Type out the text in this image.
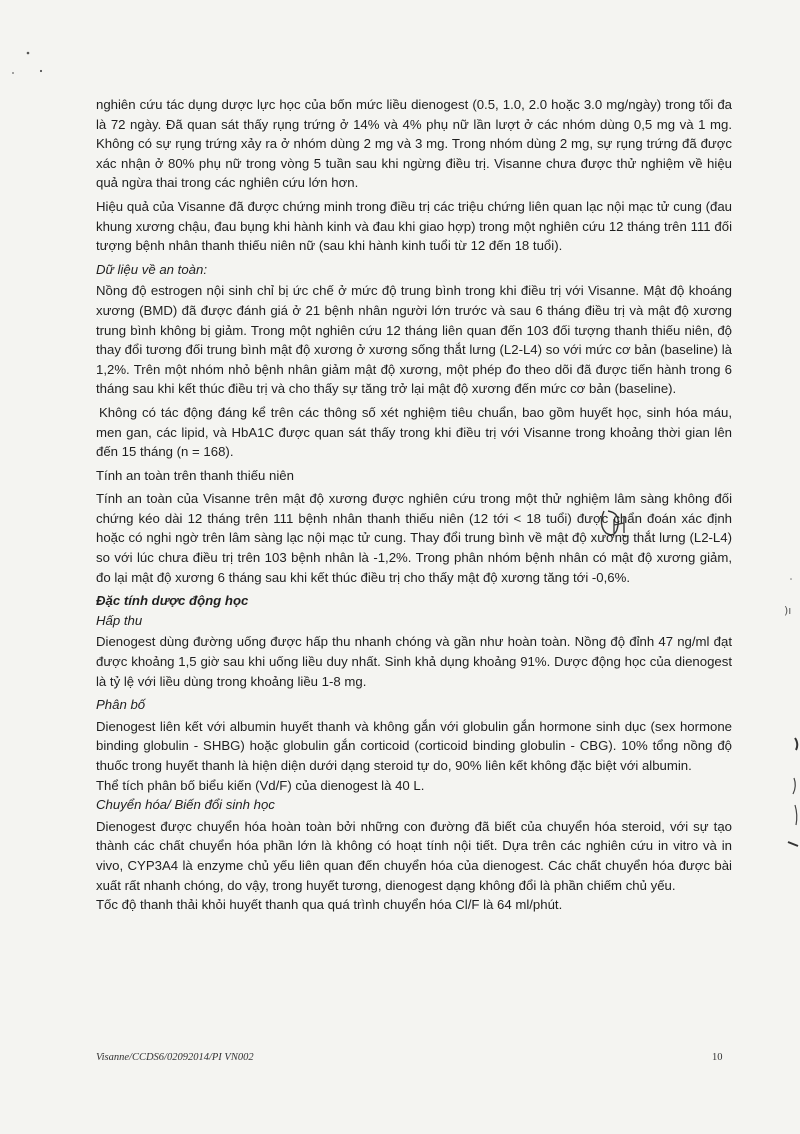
)ı

nghiên cứu tác dụng dược lực học của bốn mức liều dienogest (0.5, 1.0, 2.0 hoặc 3.0 mg/ngày) trong tối đa là 72 ngày. Đã quan sát thấy rụng trứng ở 14% và 4% phụ nữ lần lượt ở các nhóm dùng 0,5 mg và 1 mg. Không có sự rụng trứng xảy ra ở nhóm dùng 2 mg và 3 mg. Trong nhóm dùng 2 mg, sự rụng trứng đã được xác nhận ở 80% phụ nữ trong vòng 5 tuần sau khi ngừng điều trị. Visanne chưa được thử nghiệm về hiệu quả ngừa thai trong các nghiên cứu lớn hơn.

Hiệu quả của Visanne đã được chứng minh trong điều trị các triệu chứng liên quan lạc nội mạc tử cung (đau khung xương chậu, đau bụng khi hành kinh và đau khi giao hợp) trong một nghiên cứu 12 tháng trên 111 đối tượng bệnh nhân thanh thiếu niên nữ (sau khi hành kinh tuổi từ 12 đến 18 tuổi).

Dữ liệu về an toàn:

Nồng độ estrogen nội sinh chỉ bị ức chế ở mức độ trung bình trong khi điều trị với Visanne. Mật độ khoáng xương (BMD) đã được đánh giá ở 21 bệnh nhân người lớn trước và sau 6 tháng điều trị và mật độ xương trung bình không bị giảm. Trong một nghiên cứu 12 tháng liên quan đến 103 đối tượng thanh thiếu niên, độ thay đổi tương đối trung bình mật độ xương ở xương sống thắt lưng (L2-L4) so với mức cơ bản (baseline) là 1,2%. Trên một nhóm nhỏ bệnh nhân giảm mật độ xương, một phép đo theo dõi đã được tiến hành trong 6 tháng sau khi kết thúc điều trị và cho thấy sự tăng trở lại mật độ xương đến mức cơ bản (baseline).

Không có tác động đáng kể trên các thông số xét nghiệm tiêu chuẩn, bao gồm huyết học, sinh hóa máu, men gan, các lipid, và HbA1C được quan sát thấy trong khi điều trị với Visanne trong khoảng thời gian lên đến 15 tháng (n = 168).

Tính an toàn trên thanh thiếu niên

Tính an toàn của Visanne trên mật độ xương được nghiên cứu trong một thử nghiệm lâm sàng không đối chứng kéo dài 12 tháng trên 111 bệnh nhân thanh thiếu niên (12 tới < 18 tuổi) được chẩn đoán xác định hoặc có nghi ngờ trên lâm sàng lạc nội mạc tử cung. Thay đổi trung bình về mật độ xương thắt lưng (L2-L4) so với lúc chưa điều trị trên 103 bệnh nhân là -1,2%. Trong phân nhóm bệnh nhân có mật độ xương giảm, đo lại mật độ xương 6 tháng sau khi kết thúc điều trị cho thấy mật độ xương tăng tới -0,6%.

Đặc tính dược động học

Hấp thu

Dienogest dùng đường uống được hấp thu nhanh chóng và gần như hoàn toàn. Nồng độ đỉnh 47 ng/ml đạt được khoảng 1,5 giờ sau khi uống liều duy nhất. Sinh khả dụng khoảng 91%. Dược động học của dienogest là tỷ lệ với liều dùng trong khoảng liều 1-8 mg.

Phân bố

Dienogest liên kết với albumin huyết thanh và không gắn với globulin gắn hormone sinh dục (sex hormone binding globulin - SHBG) hoặc globulin gắn corticoid (corticoid binding globulin - CBG). 10% tổng nồng độ thuốc trong huyết thanh là hiện diện dưới dạng steroid tự do, 90% liên kết không đặc biệt với albumin.

Thể tích phân bố biểu kiến (Vd/F) của dienogest là 40 L.

Chuyển hóa/ Biến đổi sinh học

Dienogest được chuyển hóa hoàn toàn bởi những con đường đã biết của chuyển hóa steroid, với sự tạo thành các chất chuyển hóa phần lớn là không có hoạt tính nội tiết. Dựa trên các nghiên cứu in vitro và in vivo, CYP3A4 là enzyme chủ yếu liên quan đến chuyển hóa của dienogest. Các chất chuyển hóa được bài xuất rất nhanh chóng, do vậy, trong huyết tương, dienogest dạng không đổi là phần chiếm chủ yếu.

Tốc độ thanh thải khỏi huyết thanh qua quá trình chuyển hóa Cl/F là 64 ml/phút.

Visanne/CCDS6/02092014/PI VN002	10
